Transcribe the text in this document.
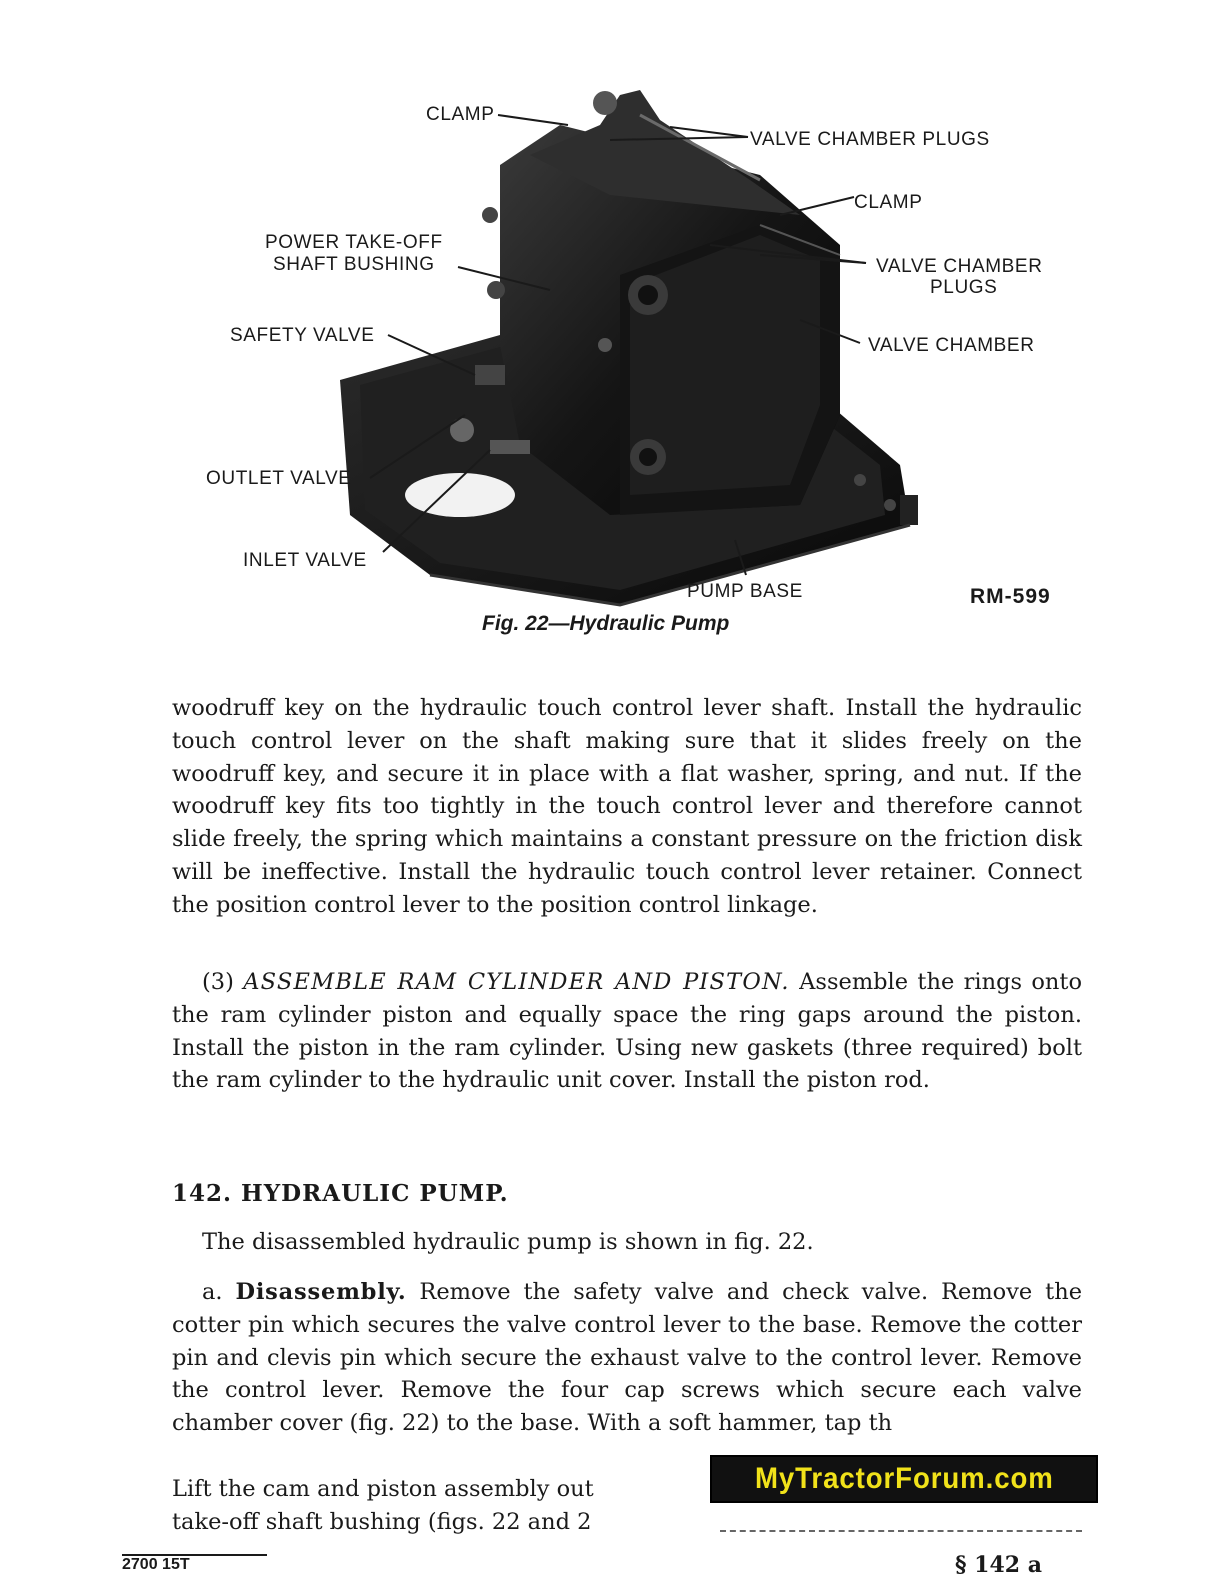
CLAMP
VALVE CHAMBER PLUGS
CLAMP
POWER TAKE-OFF
SHAFT BUSHING	VALVE CHAMBER
PLUGS
SAFETY VALVE	VALVE CHAMBER
OUTLET VALVE
INLET VALVE
PUMP BASE	RM-599
Fig. 22—Hydraulic Pump
woodruff key on the hydraulic touch control lever shaft. Install the hydraulic touch control lever on the shaft making sure that it slides freely on the woodruff key, and secure it in place with a flat washer, spring, and nut. If the woodruff key fits too tightly in the touch control lever and therefore cannot slide freely, the spring which maintains a constant pressure on the friction disk will be ineffective. Install the hydraulic touch control lever retainer. Connect the position control lever to the position control linkage.
(3) ASSEMBLE RAM CYLINDER AND PISTON. Assemble the rings onto the ram cylinder piston and equally space the ring gaps around the piston. Install the piston in the ram cylinder. Using new gaskets (three required) bolt the ram cylinder to the hydraulic unit cover. Install the piston rod.
142. HYDRAULIC PUMP.
The disassembled hydraulic pump is shown in fig. 22.
a. Disassembly. Remove the safety valve and check valve. Remove the cotter pin which secures the valve control lever to the base. Remove the cotter pin and clevis pin which secure the exhaust valve to the control lever. Remove the control lever. Remove the four cap screws which secure each valve chamber cover (fig. 22) to the base. With a soft hammer, tap th
Lift the cam and piston assembly out
take-off shaft bushing (figs. 22 and 2
MyTractorForum.com
2700 15T	§ 142 a
